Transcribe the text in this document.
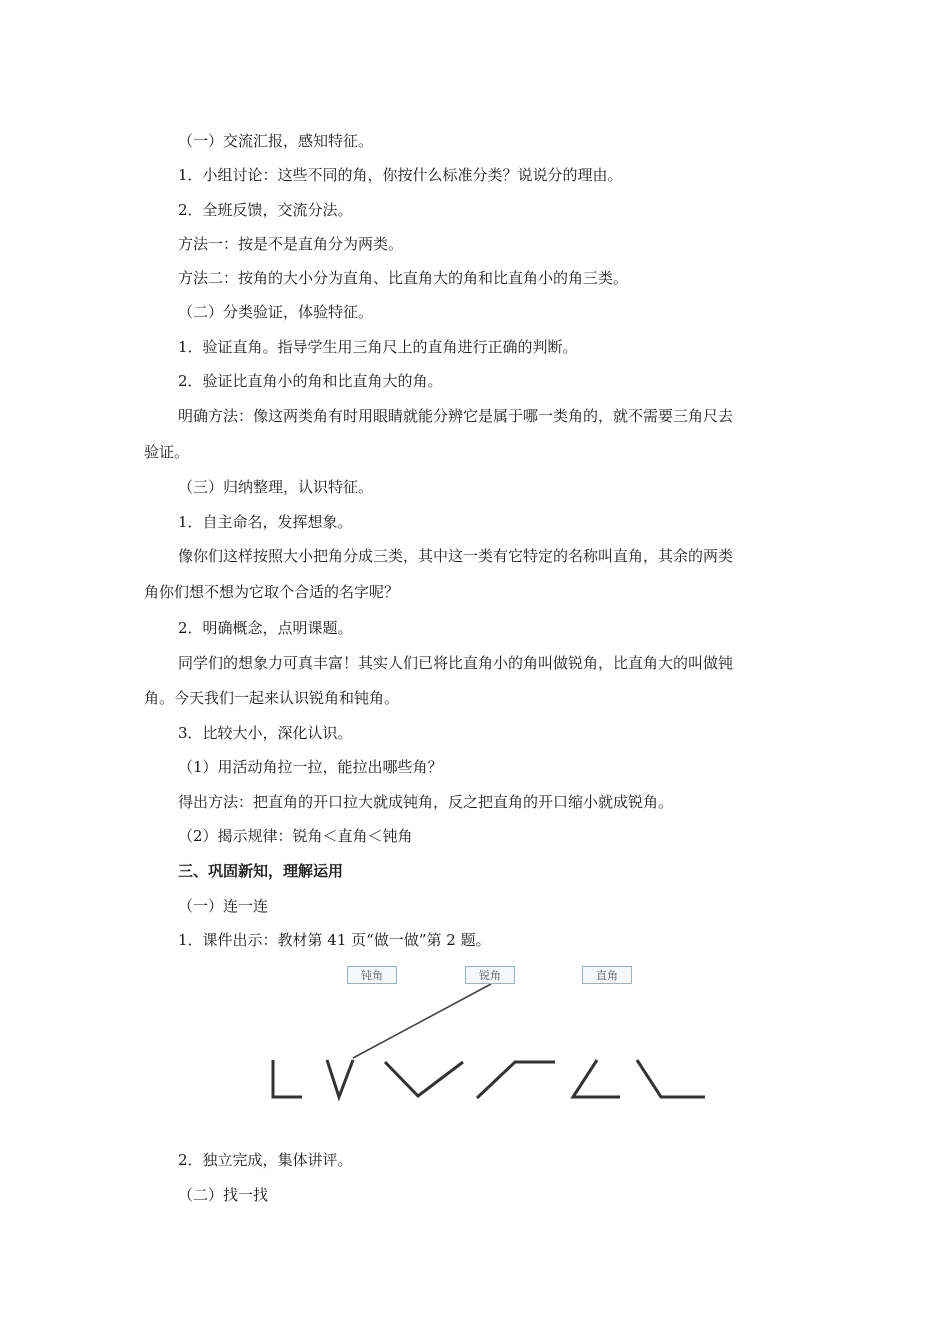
（一）交流汇报，感知特征。
1．小组讨论：这些不同的角，你按什么标准分类？说说分的理由。
2．全班反馈，交流分法。
方法一：按是不是直角分为两类。
方法二：按角的大小分为直角、比直角大的角和比直角小的角三类。
（二）分类验证，体验特征。
1．验证直角。指导学生用三角尺上的直角进行正确的判断。
2．验证比直角小的角和比直角大的角。
明确方法：像这两类角有时用眼睛就能分辨它是属于哪一类角的，就不需要三角尺去
验证。
（三）归纳整理，认识特征。
1．自主命名，发挥想象。
像你们这样按照大小把角分成三类，其中这一类有它特定的名称叫直角，其余的两类
角你们想不想为它取个合适的名字呢？
2．明确概念，点明课题。
同学们的想象力可真丰富！其实人们已将比直角小的角叫做锐角，比直角大的叫做钝
角。今天我们一起来认识锐角和钝角。
3．比较大小，深化认识。
（1）用活动角拉一拉，能拉出哪些角？
得出方法：把直角的开口拉大就成钝角，反之把直角的开口缩小就成锐角。
（2）揭示规律：锐角＜直角＜钝角
三、巩固新知，理解运用
（一）连一连
1．课件出示：教材第 41 页“做一做”第 2 题。
钝角	锐角	直角
2．独立完成，集体讲评。
（二）找一找
